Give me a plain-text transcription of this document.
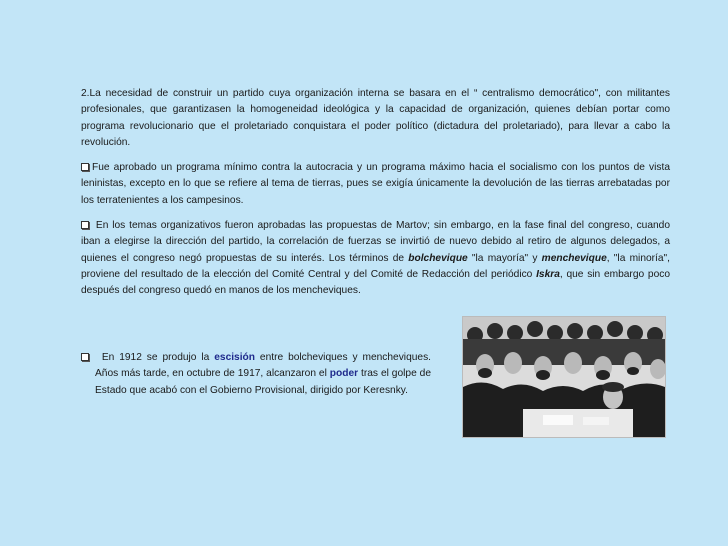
2.La necesidad de construir un partido cuya organización interna se basara en el “ centralismo democrático", con militantes profesionales, que garantizasen la homogeneidad ideológica y la capacidad de organización, quienes debían portar como programa revolucionario que el proletariado conquistara el poder político (dictadura del proletariado), para llevar a cabo la revolución.

Fue aprobado un programa mínimo contra la autocracia y un programa máximo hacia el socialismo con los puntos de vista leninistas, excepto en lo que se refiere al tema de tierras, pues se exigía únicamente la devolución de las tierras arrebatadas por los terratenientes a los campesinos.

En los temas organizativos fueron aprobadas las propuestas de Martov; sin embargo, en la fase final del congreso, cuando iban a elegirse la dirección del partido, la correlación de fuerzas se invirtió de nuevo debido al retiro de algunos delegados, a quienes el congreso negó propuestas de su interés. Los términos de bolchevique "la mayoría" y menchevique, "la minoría", proviene del resultado de la elección del Comité Central y del Comité de Redacción del periódico Iskra, que sin embargo poco después del congreso quedó en manos de los mencheviques.

En 1912 se produjo la escisión entre bolcheviques y mencheviques. Años más tarde, en octubre de 1917, alcanzaron el poder tras el golpe de Estado que acabó con el Gobierno Provisional, dirigido por Keresnky.
